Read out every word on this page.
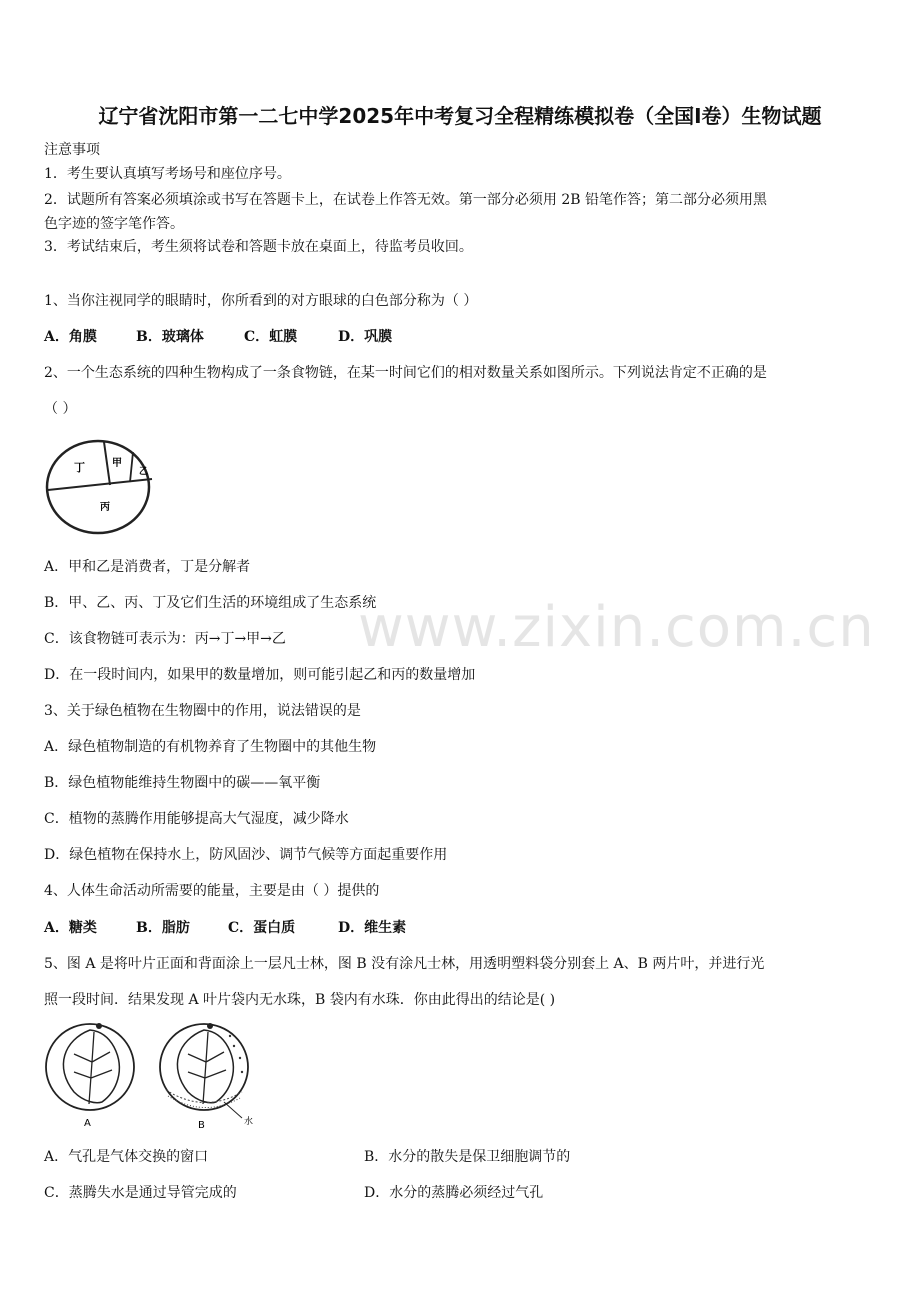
辽宁省沈阳市第一二七中学2025年中考复习全程精练模拟卷（全国Ⅰ卷）生物试题
注意事项
1．考生要认真填写考场号和座位序号。
2．试题所有答案必须填涂或书写在答题卡上，在试卷上作答无效。第一部分必须用 2B 铅笔作答；第二部分必须用黑
色字迹的签字笔作答。
3．考试结束后，考生须将试卷和答题卡放在桌面上，待监考员收回。
1、当你注视同学的眼睛时，你所看到的对方眼球的白色部分称为（ ）
A．角膜	B．玻璃体	C．虹膜	D．巩膜
2、一个生态系统的四种生物构成了一条食物链，在某一时间它们的相对数量关系如图所示。下列说法肯定不正确的是
（ ）
丁	甲
乙
丙
A．甲和乙是消费者，丁是分解者
B．甲、乙、丙、丁及它们生活的环境组成了生态系统
C．该食物链可表示为：丙→丁→甲→乙
D．在一段时间内，如果甲的数量增加，则可能引起乙和丙的数量增加
3、关于绿色植物在生物圈中的作用，说法错误的是
A．绿色植物制造的有机物养育了生物圈中的其他生物
B．绿色植物能维持生物圈中的碳——氧平衡
C．植物的蒸腾作用能够提高大气湿度，减少降水
D．绿色植物在保持水上，防风固沙、调节气候等方面起重要作用
4、人体生命活动所需要的能量，主要是由（ ）提供的
A．糖类	B．脂肪	C．蛋白质	D．维生素
5、图 A 是将叶片正面和背面涂上一层凡士林，图 B 没有涂凡士林，用透明塑料袋分别套上 A、B 两片叶，并进行光
照一段时间．结果发现 A 叶片袋内无水珠，B 袋内有水珠．你由此得出的结论是( )
A	B	水
A．气孔是气体交换的窗口	B．水分的散失是保卫细胞调节的
C．蒸腾失水是通过导管完成的	D．水分的蒸腾必须经过气孔
www.zixin.com.cn
